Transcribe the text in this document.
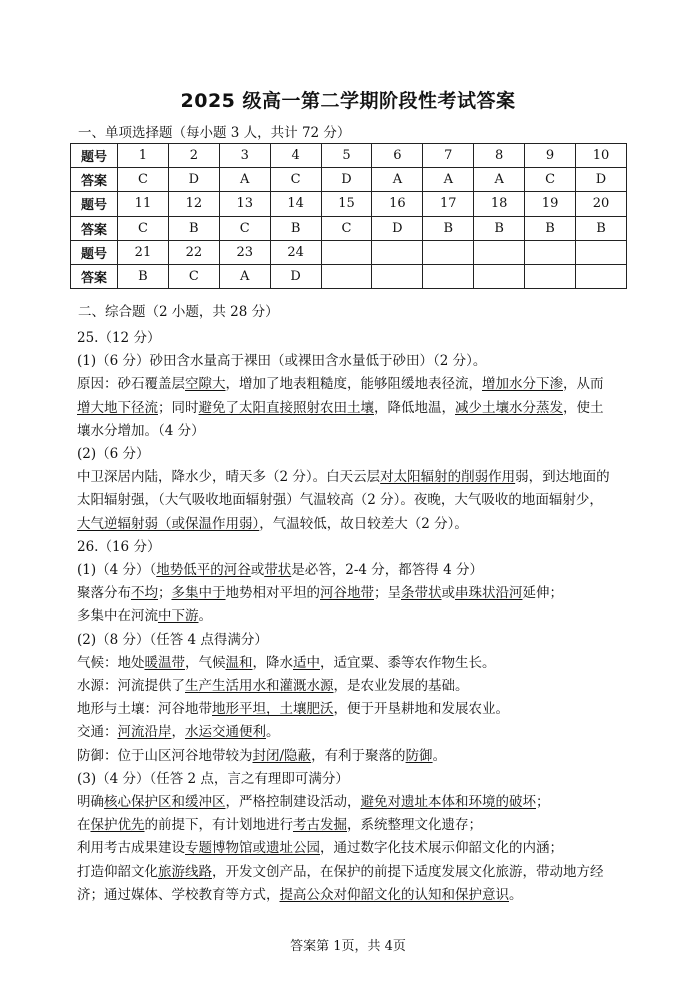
2025 级高一第二学期阶段性考试答案
一、单项选择题（每小题 3 人，共计 72 分）
题号	1	2	3	4	5	6	7	8	9	10
答案	C	D	A	C	D	A	A	A	C	D
题号	11	12	13	14	15	16	17	18	19	20
答案	C	B	C	B	C	D	B	B	B	B
题号	21	22	23	24						
答案	B	C	A	D						
二、综合题（2 小题，共 28 分）

25.（12 分）

(1)（6 分）砂田含水量高于裸田（或裸田含水量低于砂田）（2 分）。

原因：砂石覆盖层空隙大，增加了地表粗糙度，能够阻缓地表径流，增加水分下渗，从而

增大地下径流；同时避免了太阳直接照射农田土壤，降低地温，减少土壤水分蒸发，使土

壤水分增加。（4 分）

(2)（6 分）

中卫深居内陆，降水少，晴天多（2 分）。白天云层对太阳辐射的削弱作用弱，到达地面的

太阳辐射强，（大气吸收地面辐射强）气温较高（2 分）。夜晚，大气吸收的地面辐射少，

大气逆辐射弱（或保温作用弱），气温较低，故日较差大（2 分）。

26.（16 分）

(1)（4 分）（地势低平的河谷或带状是必答，2-4 分，都答得 4 分）

聚落分布不均；多集中于地势相对平坦的河谷地带；呈条带状或串珠状沿河延伸；

多集中在河流中下游。

(2)（8 分）（任答 4 点得满分）

气候：地处暖温带，气候温和，降水适中，适宜粟、黍等农作物生长。

水源：河流提供了生产生活用水和灌溉水源，是农业发展的基础。

地形与土壤：河谷地带地形平坦，土壤肥沃，便于开垦耕地和发展农业。

交通：河流沿岸，水运交通便利。

防御：位于山区河谷地带较为封闭/隐蔽，有利于聚落的防御。

(3)（4 分）（任答 2 点，言之有理即可满分）

明确核心保护区和缓冲区，严格控制建设活动，避免对遗址本体和环境的破坏；

在保护优先的前提下，有计划地进行考古发掘，系统整理文化遗存；

利用考古成果建设专题博物馆或遗址公园，通过数字化技术展示仰韶文化的内涵；

打造仰韶文化旅游线路，开发文创产品，在保护的前提下适度发展文化旅游，带动地方经

济；通过媒体、学校教育等方式，提高公众对仰韶文化的认知和保护意识。

答案第 1页，共 4页
